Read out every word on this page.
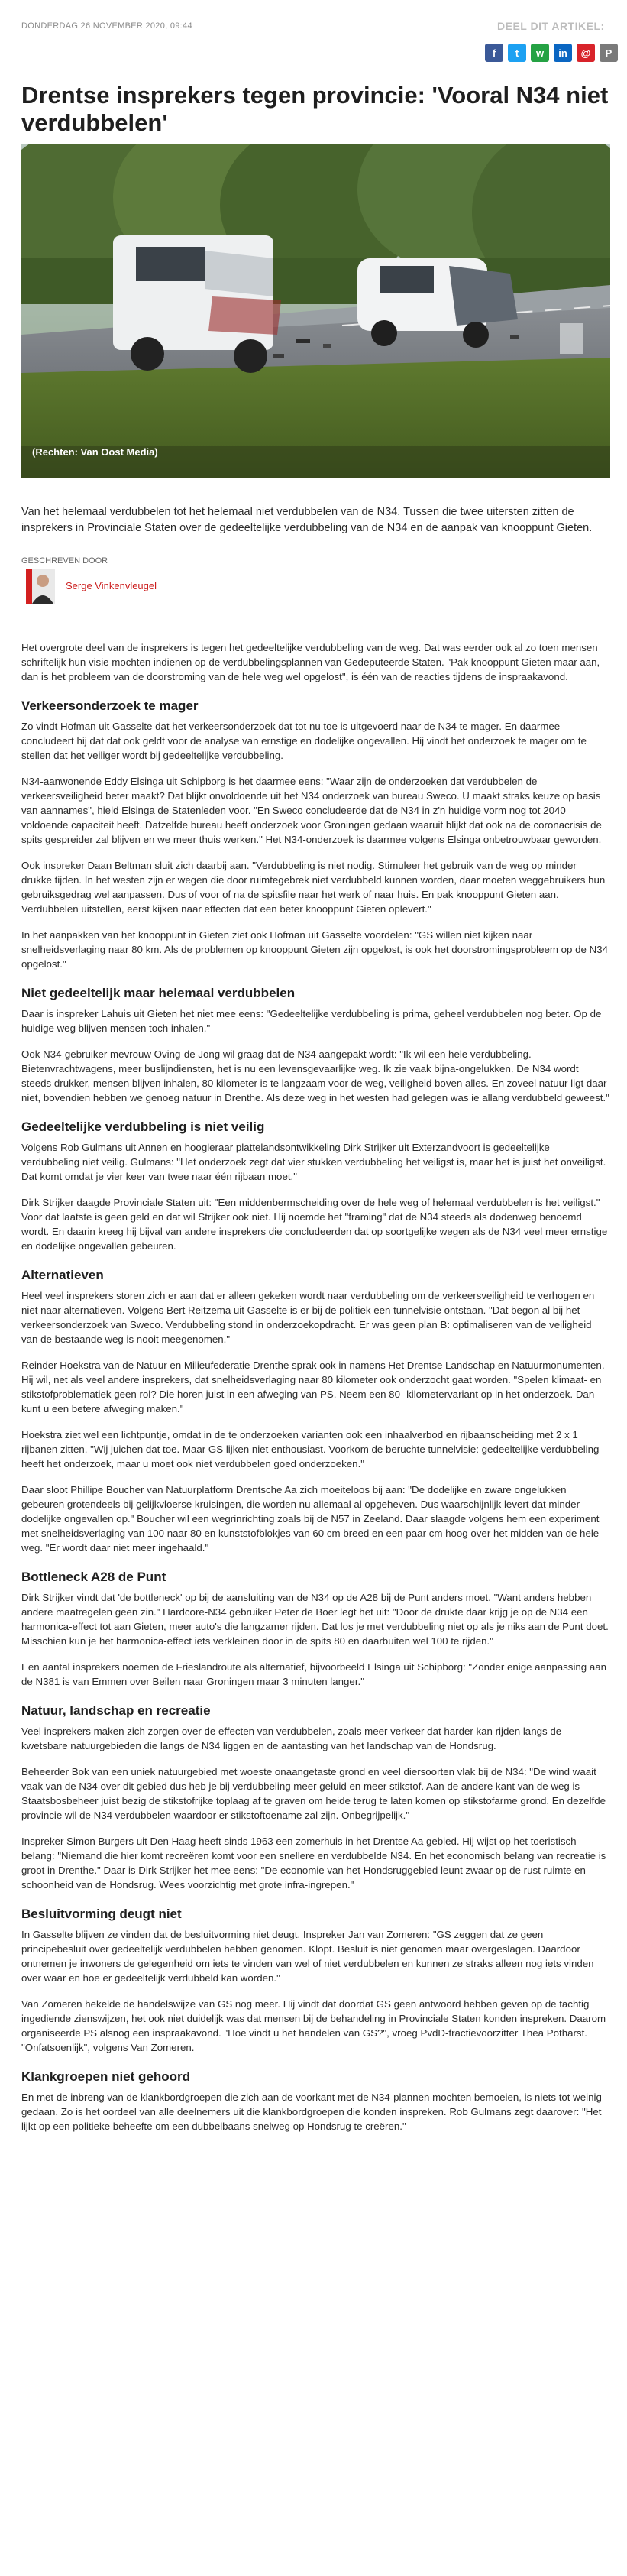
DONDERDAG 26 NOVEMBER 2020, 09:44	DEEL DIT ARTIKEL:
f	t	w	in	@	P
Drentse insprekers tegen provincie: 'Vooral N34 niet verdubbelen'
(Rechten: Van Oost Media)

Van het helemaal verdubbelen tot het helemaal niet verdubbelen van de N34. Tussen die twee uitersten zitten de insprekers in Provinciale Staten over de gedeeltelijke verdubbeling van de N34 en de aanpak van knooppunt Gieten.

GESCHREVEN DOOR
Serge Vinkenvleugel

Het overgrote deel van de insprekers is tegen het gedeeltelijke verdubbeling van de weg. Dat was eerder ook al zo toen mensen schriftelijk hun visie mochten indienen op de verdubbelingsplannen van Gedeputeerde Staten. "Pak knooppunt Gieten maar aan, dan is het probleem van de doorstroming van de hele weg wel opgelost", is één van de reacties tijdens de inspraakavond.

Verkeersonderzoek te mager

Zo vindt Hofman uit Gasselte dat het verkeersonderzoek dat tot nu toe is uitgevoerd naar de N34 te mager. En daarmee concludeert hij dat dat ook geldt voor de analyse van ernstige en dodelijke ongevallen. Hij vindt het onderzoek te mager om te stellen dat het veiliger wordt bij gedeeltelijke verdubbeling.

N34-aanwonende Eddy Elsinga uit Schipborg is het daarmee eens: "Waar zijn de onderzoeken dat verdubbelen de verkeersveiligheid beter maakt? Dat blijkt onvoldoende uit het N34 onderzoek van bureau Sweco. U maakt straks keuze op basis van aannames", hield Elsinga de Statenleden voor. "En Sweco concludeerde dat de N34 in z'n huidige vorm nog tot 2040 voldoende capaciteit heeft. Datzelfde bureau heeft onderzoek voor Groningen gedaan waaruit blijkt dat ook na de coronacrisis de spits gespreider zal blijven en we meer thuis werken." Het N34-onderzoek is daarmee volgens Elsinga onbetrouwbaar geworden.

Ook inspreker Daan Beltman sluit zich daarbij aan. "Verdubbeling is niet nodig. Stimuleer het gebruik van de weg op minder drukke tijden. In het westen zijn er wegen die door ruimtegebrek niet verdubbeld kunnen worden, daar moeten weggebruikers hun gebruiksgedrag wel aanpassen. Dus of voor of na de spitsfile naar het werk of naar huis. En pak knooppunt Gieten aan. Verdubbelen uitstellen, eerst kijken naar effecten dat een beter knooppunt Gieten oplevert."

In het aanpakken van het knooppunt in Gieten ziet ook Hofman uit Gasselte voordelen: "GS willen niet kijken naar snelheidsverlaging naar 80 km. Als de problemen op knooppunt Gieten zijn opgelost, is ook het doorstromingsprobleem op de N34 opgelost."

Niet gedeeltelijk maar helemaal verdubbelen

Daar is inspreker Lahuis uit Gieten het niet mee eens: "Gedeeltelijke verdubbeling is prima, geheel verdubbelen nog beter. Op de huidige weg blijven mensen toch inhalen."

Ook N34-gebruiker mevrouw Oving-de Jong wil graag dat de N34 aangepakt wordt: "Ik wil een hele verdubbeling. Bietenvrachtwagens, meer buslijndiensten, het is nu een levensgevaarlijke weg. Ik zie vaak bijna-ongelukken. De N34 wordt steeds drukker, mensen blijven inhalen, 80 kilometer is te langzaam voor de weg, veiligheid boven alles. En zoveel natuur ligt daar niet, bovendien hebben we genoeg natuur in Drenthe. Als deze weg in het westen had gelegen was ie allang verdubbeld geweest."

Gedeeltelijke verdubbeling is niet veilig

Volgens Rob Gulmans uit Annen en hoogleraar plattelandsontwikkeling Dirk Strijker uit Exterzandvoort is gedeeltelijke verdubbeling niet veilig. Gulmans: "Het onderzoek zegt dat vier stukken verdubbeling het veiligst is, maar het is juist het onveiligst. Dat komt omdat je vier keer van twee naar één rijbaan moet."

Dirk Strijker daagde Provinciale Staten uit: "Een middenbermscheiding over de hele weg of helemaal verdubbelen is het veiligst." Voor dat laatste is geen geld en dat wil Strijker ook niet. Hij noemde het "framing" dat de N34 steeds als dodenweg benoemd wordt. En daarin kreeg hij bijval van andere insprekers die concludeerden dat op soortgelijke wegen als de N34 veel meer ernstige en dodelijke ongevallen gebeuren.

Alternatieven

Heel veel insprekers storen zich er aan dat er alleen gekeken wordt naar verdubbeling om de verkeersveiligheid te verhogen en niet naar alternatieven. Volgens Bert Reitzema uit Gasselte is er bij de politiek een tunnelvisie ontstaan. "Dat begon al bij het verkeersonderzoek van Sweco. Verdubbeling stond in onderzoekopdracht. Er was geen plan B: optimaliseren van de veiligheid van de bestaande weg is nooit meegenomen."

Reinder Hoekstra van de Natuur en Milieufederatie Drenthe sprak ook in namens Het Drentse Landschap en Natuurmonumenten. Hij wil, net als veel andere insprekers, dat snelheidsverlaging naar 80 kilometer ook onderzocht gaat worden. "Spelen klimaat- en stikstofproblematiek geen rol? Die horen juist in een afweging van PS. Neem een 80- kilometervariant op in het onderzoek. Dan kunt u een betere afweging maken."

Hoekstra ziet wel een lichtpuntje, omdat in de te onderzoeken varianten ook een inhaalverbod en rijbaanscheiding met 2 x 1 rijbanen zitten. "Wij juichen dat toe. Maar GS lijken niet enthousiast. Voorkom de beruchte tunnelvisie: gedeeltelijke verdubbeling heeft het onderzoek, maar u moet ook niet verdubbelen goed onderzoeken."

Daar sloot Phillipe Boucher van Natuurplatform Drentsche Aa zich moeiteloos bij aan: "De dodelijke en zware ongelukken gebeuren grotendeels bij gelijkvloerse kruisingen, die worden nu allemaal al opgeheven. Dus waarschijnlijk levert dat minder dodelijke ongevallen op." Boucher wil een wegrinrichting zoals bij de N57 in Zeeland. Daar slaagde volgens hem een experiment met snelheidsverlaging van 100 naar 80 en kunststofblokjes van 60 cm breed en een paar cm hoog over het midden van de hele weg. "Er wordt daar niet meer ingehaald."

Bottleneck A28 de Punt

Dirk Strijker vindt dat 'de bottleneck' op bij de aansluiting van de N34 op de A28 bij de Punt anders moet. "Want anders hebben andere maatregelen geen zin." Hardcore-N34 gebruiker Peter de Boer legt het uit: "Door de drukte daar krijg je op de N34 een harmonica-effect tot aan Gieten, meer auto's die langzamer rijden. Dat los je met verdubbeling niet op als je niks aan de Punt doet. Misschien kun je het harmonica-effect iets verkleinen door in de spits 80 en daarbuiten wel 100 te rijden."

Een aantal insprekers noemen de Frieslandroute als alternatief, bijvoorbeeld Elsinga uit Schipborg: "Zonder enige aanpassing aan de N381 is van Emmen over Beilen naar Groningen maar 3 minuten langer."

Natuur, landschap en recreatie

Veel insprekers maken zich zorgen over de effecten van verdubbelen, zoals meer verkeer dat harder kan rijden langs de kwetsbare natuurgebieden die langs de N34 liggen en de aantasting van het landschap van de Hondsrug.

Beheerder Bok van een uniek natuurgebied met woeste onaangetaste grond en veel diersoorten vlak bij de N34: "De wind waait vaak van de N34 over dit gebied dus heb je bij verdubbeling meer geluid en meer stikstof. Aan de andere kant van de weg is Staatsbosbeheer juist bezig de stikstofrijke toplaag af te graven om heide terug te laten komen op stikstofarme grond. En dezelfde provincie wil de N34 verdubbelen waardoor er stikstoftoename zal zijn. Onbegrijpelijk."

Inspreker Simon Burgers uit Den Haag heeft sinds 1963 een zomerhuis in het Drentse Aa gebied. Hij wijst op het toeristisch belang: "Niemand die hier komt recreëren komt voor een snellere en verdubbelde N34. En het economisch belang van recreatie is groot in Drenthe." Daar is Dirk Strijker het mee eens: "De economie van het Hondsruggebied leunt zwaar op de rust ruimte en schoonheid van de Hondsrug. Wees voorzichtig met grote infra-ingrepen."

Besluitvorming deugt niet

In Gasselte blijven ze vinden dat de besluitvorming niet deugt. Inspreker Jan van Zomeren: "GS zeggen dat ze geen principebesluit over gedeeltelijk verdubbelen hebben genomen. Klopt. Besluit is niet genomen maar overgeslagen. Daardoor ontnemen je inwoners de gelegenheid om iets te vinden van wel of niet verdubbelen en kunnen ze straks alleen nog iets vinden over waar en hoe er gedeeltelijk verdubbeld kan worden."

Van Zomeren hekelde de handelswijze van GS nog meer. Hij vindt dat doordat GS geen antwoord hebben geven op de tachtig ingediende zienswijzen, het ook niet duidelijk was dat mensen bij de behandeling in Provinciale Staten konden inspreken. Daarom organiseerde PS alsnog een inspraakavond. "Hoe vindt u het handelen van GS?", vroeg PvdD-fractievoorzitter Thea Potharst. "Onfatsoenlijk", volgens Van Zomeren.

Klankgroepen niet gehoord

En met de inbreng van de klankbordgroepen die zich aan de voorkant met de N34-plannen mochten bemoeien, is niets tot weinig gedaan. Zo is het oordeel van alle deelnemers uit die klankbordgroepen die konden inspreken. Rob Gulmans zegt daarover: "Het lijkt op een politieke beheefte om een dubbelbaans snelweg op Hondsrug te creëren."
